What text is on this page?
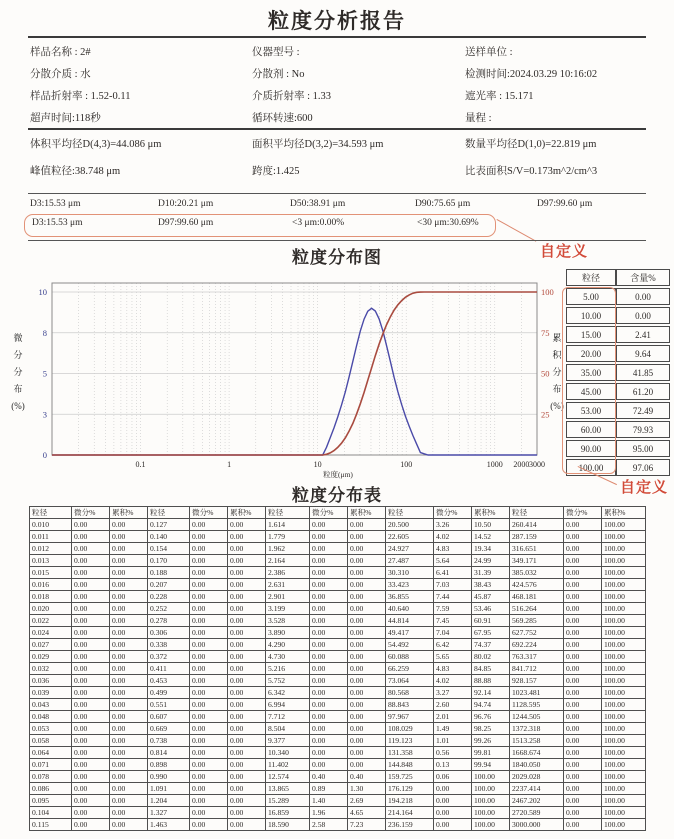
粒度分析报告
样品名称 : 2#	仪器型号 :	送样单位 :
分散介质 : 水	分散剂 : No	检测时间:2024.03.29 10:16:02
样品折射率 : 1.52-0.11	介质折射率 : 1.33	遮光率 : 15.171
超声时间:118秒	循环转速:600	量程 :
体积平均径D(4,3)=44.086 μm	面积平均径D(3,2)=34.593 μm	数量平均径D(1,0)=22.819 μm
峰值粒径:38.748 μm	跨度:1.425	比表面积S/V=0.173m^2/cm^3
D3:15.53 μm	D10:20.21 μm	D50:38.91 μm	D90:75.65 μm	D97:99.60 μm
D3:15.53 μm	D97:99.60 μm	<3 μm:0.00%	<30 μm:30.69%
自定义
粒度分布图
0
3
5
8
10
25
50
75
100
0.1	1	10	100	1000 2000 3000
粒度(μm)
微
分
分
布
(%)
累
积
分
布
(%)
粒径	含量%
5.00	0.00
10.00	0.00
15.00	2.41
20.00	9.64
35.00	41.85
45.00	61.20
53.00	72.49
60.00	79.93
90.00	95.00
100.00	97.06
自定义
粒度分布表
粒径	微分%	累积%	粒径	微分%	累积%	粒径	微分%	累积%	粒径	微分%	累积%	粒径	微分%	累积%
0.010	0.00	0.00	0.127	0.00	0.00	1.614	0.00	0.00	20.500	3.26	10.50	260.414	0.00	100.00
0.011	0.00	0.00	0.140	0.00	0.00	1.779	0.00	0.00	22.605	4.02	14.52	287.159	0.00	100.00
0.012	0.00	0.00	0.154	0.00	0.00	1.962	0.00	0.00	24.927	4.83	19.34	316.651	0.00	100.00
0.013	0.00	0.00	0.170	0.00	0.00	2.164	0.00	0.00	27.487	5.64	24.99	349.171	0.00	100.00
0.015	0.00	0.00	0.188	0.00	0.00	2.386	0.00	0.00	30.310	6.41	31.39	385.032	0.00	100.00
0.016	0.00	0.00	0.207	0.00	0.00	2.631	0.00	0.00	33.423	7.03	38.43	424.576	0.00	100.00
0.018	0.00	0.00	0.228	0.00	0.00	2.901	0.00	0.00	36.855	7.44	45.87	468.181	0.00	100.00
0.020	0.00	0.00	0.252	0.00	0.00	3.199	0.00	0.00	40.640	7.59	53.46	516.264	0.00	100.00
0.022	0.00	0.00	0.278	0.00	0.00	3.528	0.00	0.00	44.814	7.45	60.91	569.285	0.00	100.00
0.024	0.00	0.00	0.306	0.00	0.00	3.890	0.00	0.00	49.417	7.04	67.95	627.752	0.00	100.00
0.027	0.00	0.00	0.338	0.00	0.00	4.290	0.00	0.00	54.492	6.42	74.37	692.224	0.00	100.00
0.029	0.00	0.00	0.372	0.00	0.00	4.730	0.00	0.00	60.088	5.65	80.02	763.317	0.00	100.00
0.032	0.00	0.00	0.411	0.00	0.00	5.216	0.00	0.00	66.259	4.83	84.85	841.712	0.00	100.00
0.036	0.00	0.00	0.453	0.00	0.00	5.752	0.00	0.00	73.064	4.02	88.88	928.157	0.00	100.00
0.039	0.00	0.00	0.499	0.00	0.00	6.342	0.00	0.00	80.568	3.27	92.14	1023.481	0.00	100.00
0.043	0.00	0.00	0.551	0.00	0.00	6.994	0.00	0.00	88.843	2.60	94.74	1128.595	0.00	100.00
0.048	0.00	0.00	0.607	0.00	0.00	7.712	0.00	0.00	97.967	2.01	96.76	1244.505	0.00	100.00
0.053	0.00	0.00	0.669	0.00	0.00	8.504	0.00	0.00	108.029	1.49	98.25	1372.318	0.00	100.00
0.058	0.00	0.00	0.738	0.00	0.00	9.377	0.00	0.00	119.123	1.01	99.26	1513.258	0.00	100.00
0.064	0.00	0.00	0.814	0.00	0.00	10.340	0.00	0.00	131.358	0.56	99.81	1668.674	0.00	100.00
0.071	0.00	0.00	0.898	0.00	0.00	11.402	0.00	0.00	144.848	0.13	99.94	1840.050	0.00	100.00
0.078	0.00	0.00	0.990	0.00	0.00	12.574	0.40	0.40	159.725	0.06	100.00	2029.028	0.00	100.00
0.086	0.00	0.00	1.091	0.00	0.00	13.865	0.89	1.30	176.129	0.00	100.00	2237.414	0.00	100.00
0.095	0.00	0.00	1.204	0.00	0.00	15.289	1.40	2.69	194.218	0.00	100.00	2467.202	0.00	100.00
0.104	0.00	0.00	1.327	0.00	0.00	16.859	1.96	4.65	214.164	0.00	100.00	2720.589	0.00	100.00
0.115	0.00	0.00	1.463	0.00	0.00	18.590	2.58	7.23	236.159	0.00	100.00	3000.000	0.00	100.00
